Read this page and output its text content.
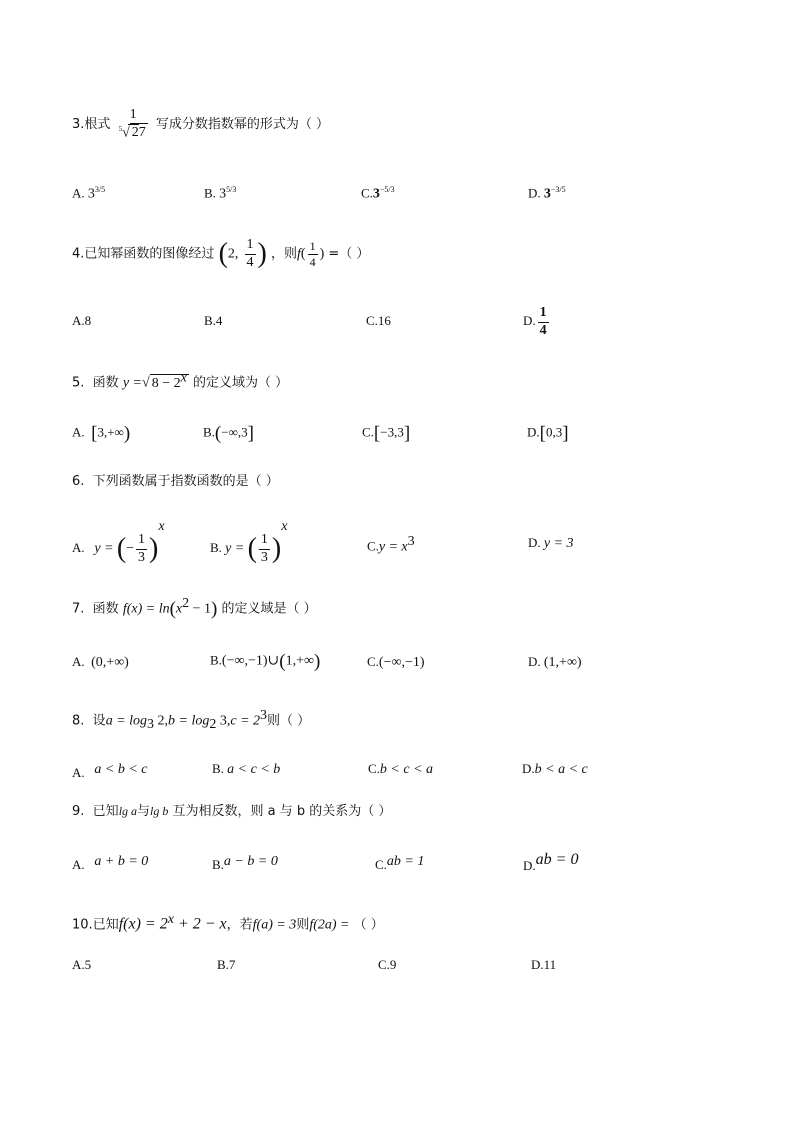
3.根式 $\frac{1}{^5√ 27}$ 写成分数指数幂的形式为（ ）
A. $3^{3/5}$	B. $3^{5/3}$	$C.3^{-5/3}$	D. $3^{-3/5}$
4.已知幂函数的图像经过 (2, $\frac{1}{4}$ ) ，则$f( \frac{1}{4}$ ) =（ ）
A.8	B.4	C.16	D. $\frac{1}{4}$
5. 函数 y =√ $8 - 2^x$ 的定义域为（ ）
A. [3,+∞)	B.(−∞,3]	C.[−3,3]	D.[0,3]
6. 下列函数属于指数函数的是（ ）
A. y = (− $\frac{1}{3} )^x$
B. y = ( $\frac{1}{3} )^x$
$C.y = x^3$	D. y = 3
7. 函数 $f(x) = \ln(x^2 - 1)$ 的定义域是（ ）
A. (0,+∞)	B.(−∞,−1)∪(1,+∞)	C.(−∞,−1)	D. (1,+∞)
8. 设$a = \log_3 2,b = \log_2 3,c = 2^3$则（ ）
A. a < b < c	B. a < c < b	C.b < c < a	D.b < a < c
9. 已知lg a与lg b 互为相反数，则 a 与 b 的关系为（ ）
A. a + b = 0	B.a − b = 0	C.ab = 1	D.ab = 0
10.已知$f(x) = 2^x + 2 - x$，若f(a) = 3则f(2a) = （ ）
A.5	B.7	C.9	D.11
